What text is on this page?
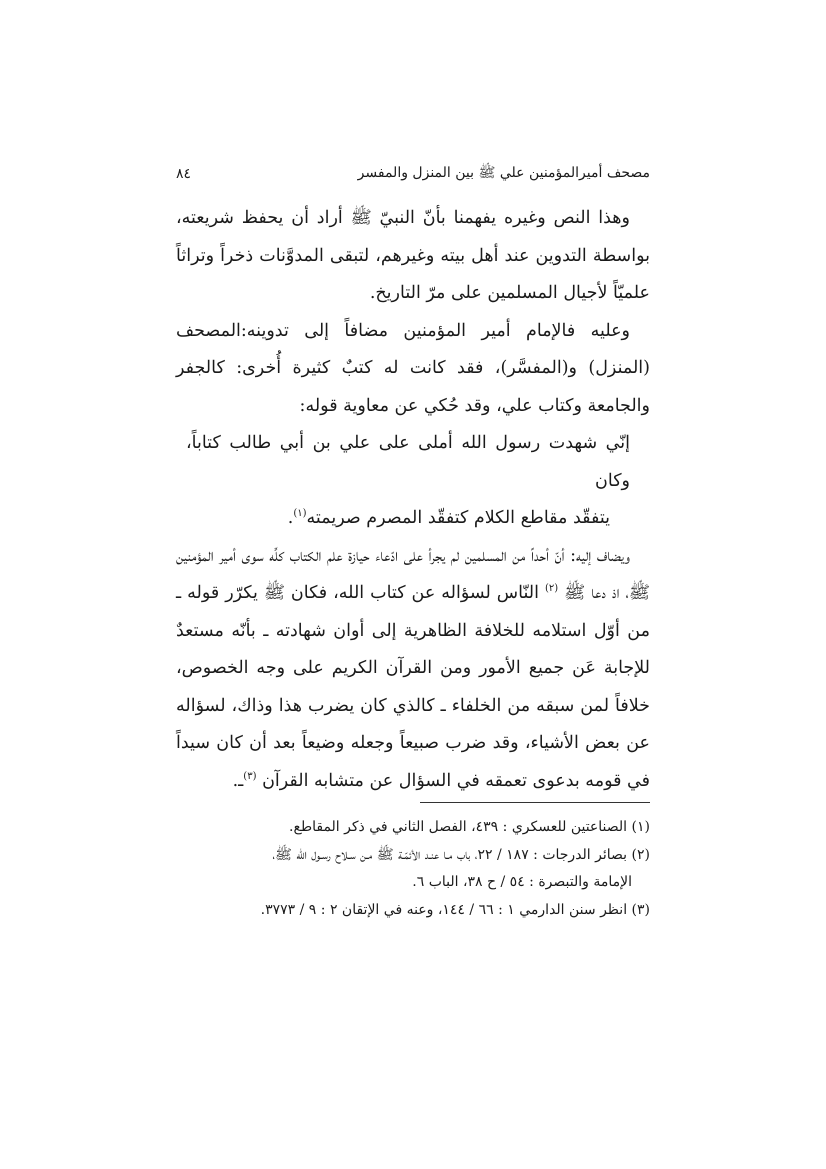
مصحف أميرالمؤمنين علي ﷺ بين المنزل والمفسر
٨٤

وهذا النص وغيره يفهمنا بأنّ النبيّ ﷺ أراد أن يحفظ شريعته، بواسطة التدوين عند أهل بيته وغيرهم، لتبقى المدوَّنات ذخراً وتراثاً علميّاً لأجيال المسلمين على مرّ التاريخ.

وعليه فالإمام أمير المؤمنين مضافاً إلى تدوينه:المصحف (المنزل) و(المفسَّر)، فقد كانت له كتبٌ كثيرة أُخرى: كالجفر والجامعة وكتاب علي، وقد حُكي عن معاوية قوله:

إنّي شهدت رسول الله أملى على علي بن أبي طالب كتاباً، وكان

يتفقّد مقاطع الكلام كتفقّد المصرم صريمته$^{(١)}$.

ويضاف إليه: أنّ أحداً من المسلمين لم يجرأ على ادّعاء حيازة علم الكتاب كلِّه سوى أمير المؤمنين ﷺ، اذ دعا ﷺ $^{(٢)}$ النّاس لسؤاله عن كتاب الله، فكان ﷺ يكرّر قوله ـ من أوّل استلامه للخلافة الظاهرية إلى أوان شهادته ـ بأنّه مستعدٌ للإجابة عَن جميع الأمور ومن القرآن الكريم على وجه الخصوص، خلافاً لمن سبقه من الخلفاء ـ كالذي كان يضرب هذا وذاك، لسؤاله عن بعض الأشياء، وقد ضرب صبيعاً وجعله وضيعاً بعد أن كان سيداً في قومه بدعوى تعمقه في السؤال عن متشابه القرآن $^{(٣)}$ـ.

(١) الصناعتين للعسكري : ٤٣٩، الفصل الثاني في ذكر المقاطع.
(٢) بصائر الدرجات : ١٨٧ / ٢٢، باب مـا عنـد الأئمّـة ﷺ مـن سـلاح رسـول الله ﷺ،
الإمامة والتبصرة : ٥٤ / ح ٣٨، الباب ٦.
(٣) انظر سنن الدارمي ١ : ٦٦ / ١٤٤، وعنه في الإتقان ٢ : ٩ / ٣٧٧٣.
